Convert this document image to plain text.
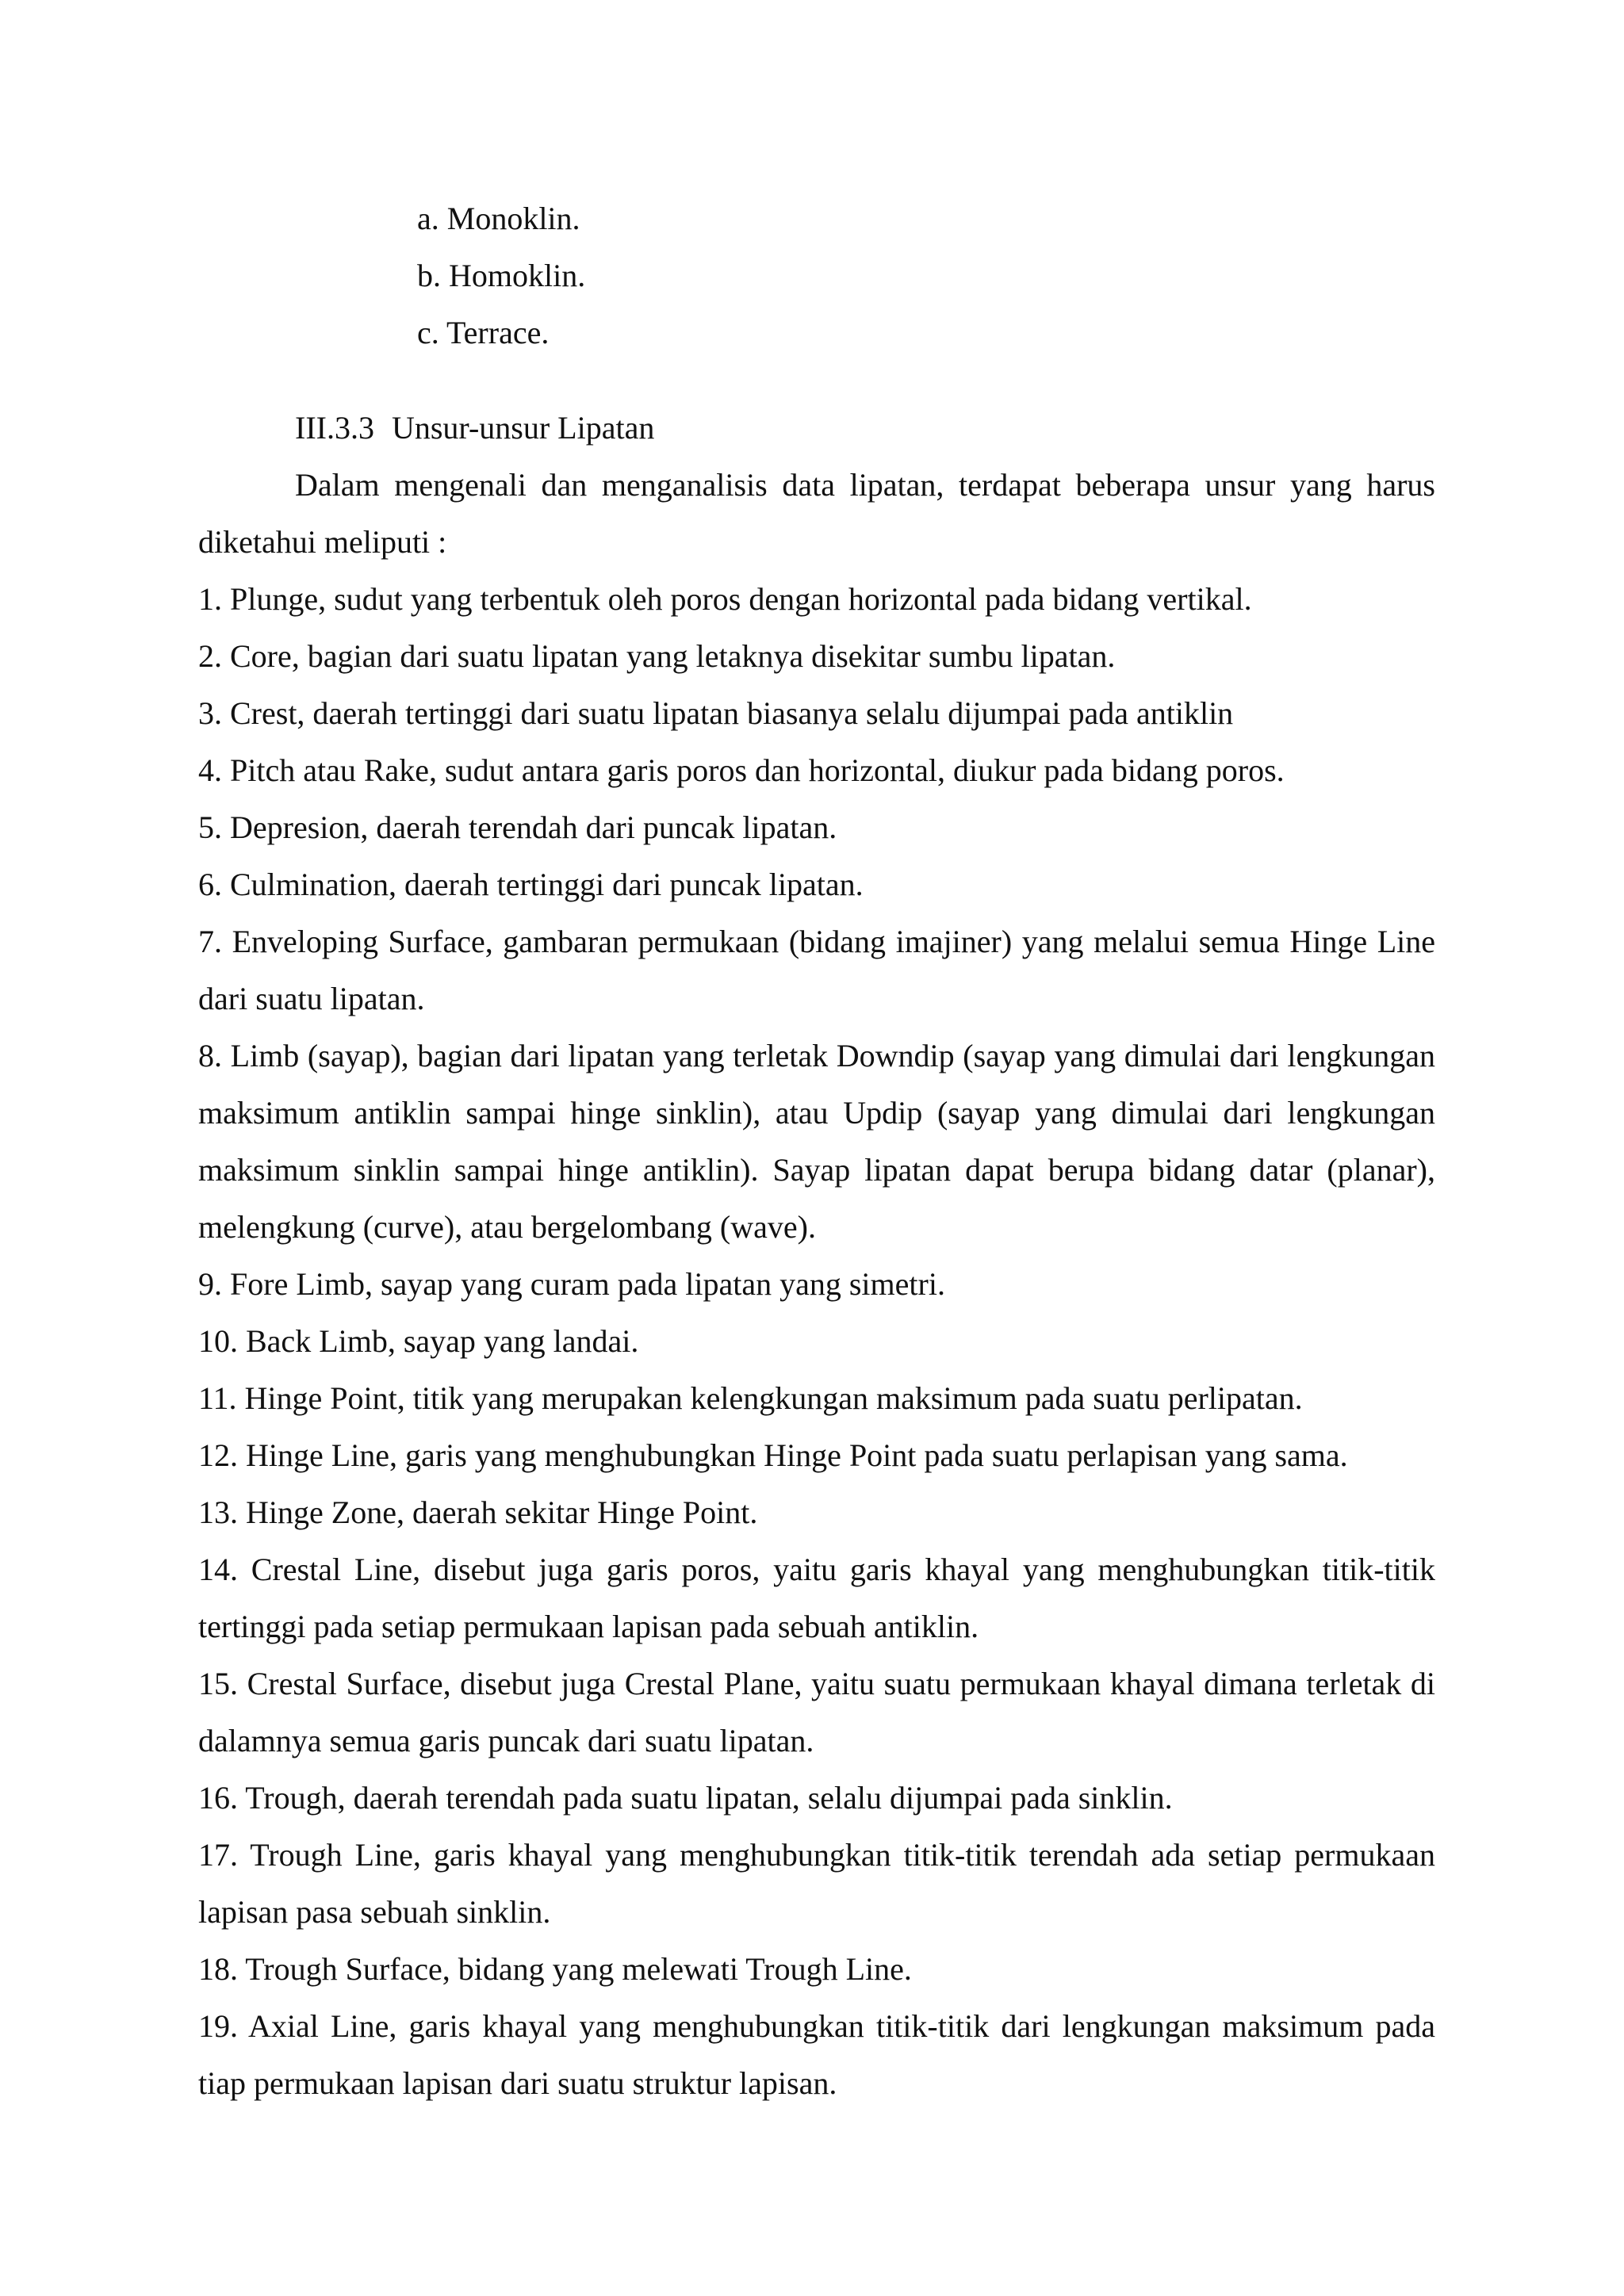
a. Monoklin.
b. Homoklin.
c. Terrace.
III.3.3 Unsur-unsur Lipatan

Dalam mengenali dan menganalisis data lipatan, terdapat beberapa unsur yang harus diketahui meliputi :

1. Plunge, sudut yang terbentuk oleh poros dengan horizontal pada bidang vertikal.
2. Core, bagian dari suatu lipatan yang letaknya disekitar sumbu lipatan.
3. Crest, daerah tertinggi dari suatu lipatan biasanya selalu dijumpai pada antiklin
4. Pitch atau Rake, sudut antara garis poros dan horizontal, diukur pada bidang poros.
5. Depresion, daerah terendah dari puncak lipatan.
6. Culmination, daerah tertinggi dari puncak lipatan.
7. Enveloping Surface, gambaran permukaan (bidang imajiner) yang melalui semua Hinge Line dari suatu lipatan.
8. Limb (sayap), bagian dari lipatan yang terletak Downdip (sayap yang dimulai dari lengkungan maksimum antiklin sampai hinge sinklin), atau Updip (sayap yang dimulai dari lengkungan maksimum sinklin sampai hinge antiklin). Sayap lipatan dapat berupa bidang datar (planar), melengkung (curve), atau bergelombang (wave).
9. Fore Limb, sayap yang curam pada lipatan yang simetri.
10. Back Limb, sayap yang landai.
11. Hinge Point, titik yang merupakan kelengkungan maksimum pada suatu perlipatan.
12. Hinge Line, garis yang menghubungkan Hinge Point pada suatu perlapisan yang sama.
13. Hinge Zone, daerah sekitar Hinge Point.
14. Crestal Line, disebut juga garis poros, yaitu garis khayal yang menghubungkan titik-titik tertinggi pada setiap permukaan lapisan pada sebuah antiklin.
15. Crestal Surface, disebut juga Crestal Plane, yaitu suatu permukaan khayal dimana terletak di dalamnya semua garis puncak dari suatu lipatan.
16. Trough, daerah terendah pada suatu lipatan, selalu dijumpai pada sinklin.
17. Trough Line, garis khayal yang menghubungkan titik-titik terendah ada setiap permukaan lapisan pasa sebuah sinklin.
18. Trough Surface, bidang yang melewati Trough Line.
19. Axial Line, garis khayal yang menghubungkan titik-titik dari lengkungan maksimum pada tiap permukaan lapisan dari suatu struktur lapisan.
